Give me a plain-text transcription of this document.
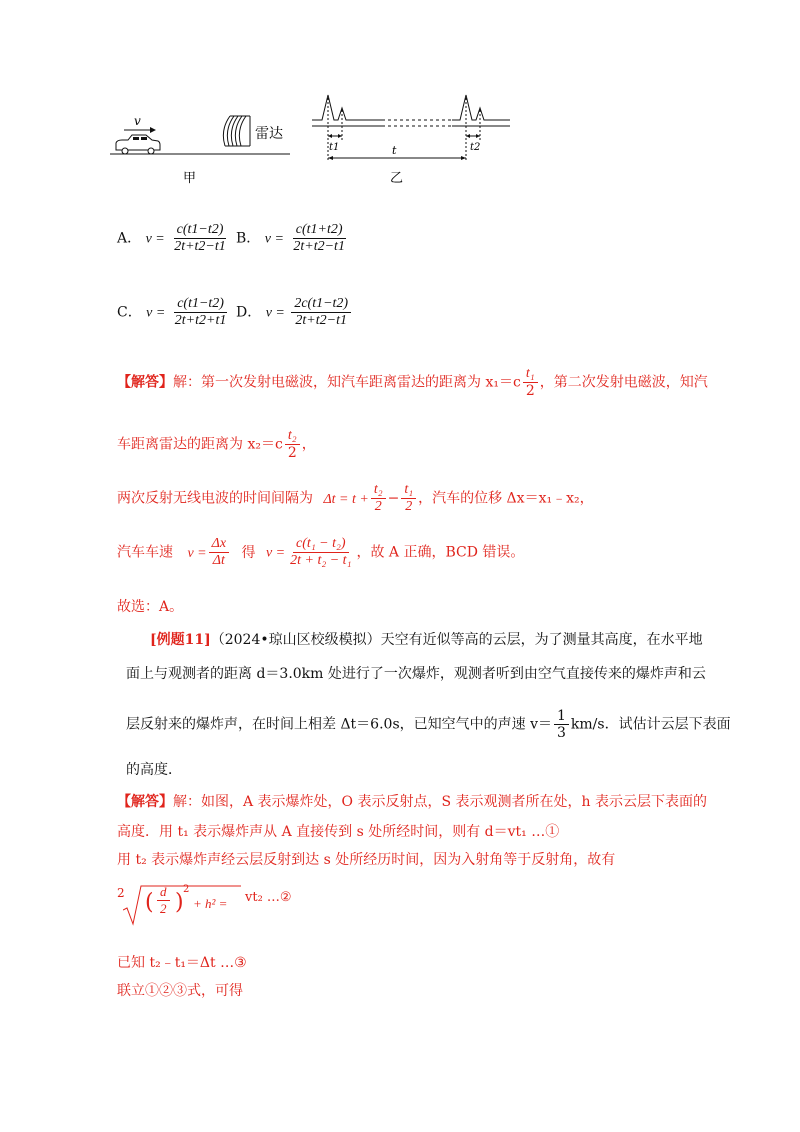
v
雷达
甲
t1	t2
t
乙
A． $v = \frac{c(t1-t2)}{2t+t2-t1}$ B． $v = \frac{c(t1+t2)}{2t+t2-t1}$
C． $v = \frac{c(t1-t2)}{2t+t2+t1}$ D． $v = \frac{2c(t1-t2)}{2t+t2-t1}$
【解答】解：第一次发射电磁波，知汽车距离雷达的距离为 $x_1=c \frac{\text{t₁}}{2}$ ，第二次发射电磁波，知汽
车距离雷达的距离为 $x_2=c \frac{\text{t₂}}{2}$ ，
两次反射无线电波的时间间隔为 $\Delta t = t + \frac{\text{t₂}}{2} - \frac{\text{t₁}}{2}$ ，汽车的位移 Δx＝x₁﹣x₂，
汽车车速 $v = \frac{\Delta x}{\Delta t}$ 得 $v = \frac{\text{c(t₁ − t₂)}}{\text{2t + t₂ − t₁}}$ ，故 A 正确，BCD 错误。
故选：A。
[例题11]（2024•琼山区校级模拟）天空有近似等高的云层，为了测量其高度，在水平地
面上与观测者的距离 d＝3.0km 处进行了一次爆炸，观测者听到由空气直接传来的爆炸声和云
层反射来的爆炸声，在时间上相差 Δt＝6.0s，已知空气中的声速 $v= \frac{1}{3} km/s$．试估计云层下表面
的高度．
【解答】解：如图，A 表示爆炸处，O 表示反射点，S 表示观测者所在处，h 表示云层下表面的
高度．用 t₁ 表示爆炸声从 A 直接传到 s 处所经时间，则有 d＝vt₁ …①
用 t₂ 表示爆炸声经云层反射到达 s 处所经历时间，因为入射角等于反射角，故有
2 ( $\frac{d}{2}$ )
2
+ h² = vt₂ …②
已知 t₂﹣t₁＝Δt …③
联立①②③式，可得
